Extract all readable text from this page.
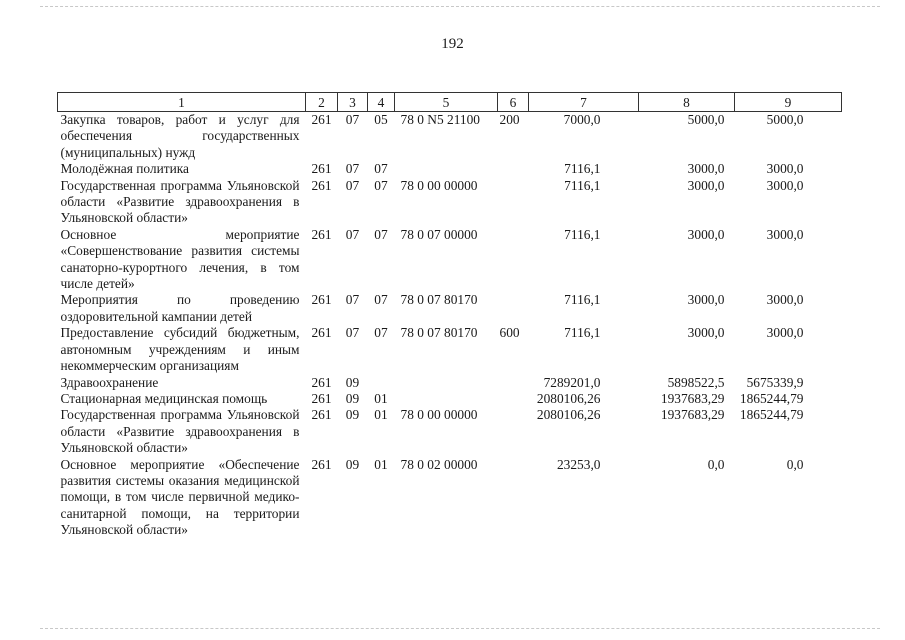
192
1	2	3	4	5	6	7	8	9
Закупка товаров, работ и услуг для обеспечения государственных (муниципальных) нужд	261	07	05	78 0 N5 21100	200	7000,0	5000,0	5000,0
Молодёжная политика	261	07	07			7116,1	3000,0	3000,0
Государственная программа Ульяновской области «Развитие здравоохранения в Ульяновской области»	261	07	07	78 0 00 00000		7116,1	3000,0	3000,0
Основное мероприятие «Совершенствование развития системы санаторно-курортного лечения, в том числе детей»	261	07	07	78 0 07 00000		7116,1	3000,0	3000,0
Мероприятия по проведению оздоровительной кампании детей	261	07	07	78 0 07 80170		7116,1	3000,0	3000,0
Предоставление субсидий бюджетным, автономным учреждениям и иным некоммерческим организациям	261	07	07	78 0 07 80170	600	7116,1	3000,0	3000,0
Здравоохранение	261	09				7289201,0	5898522,5	5675339,9
Стационарная медицинская помощь	261	09	01			2080106,26	1937683,29	1865244,79
Государственная программа Ульяновской области «Развитие здравоохранения в Ульяновской области»	261	09	01	78 0 00 00000		2080106,26	1937683,29	1865244,79
Основное мероприятие «Обеспечение развития системы оказания медицинской помощи, в том числе первичной медико-санитарной помощи, на территории Ульяновской области»	261	09	01	78 0 02 00000		23253,0	0,0	0,0
